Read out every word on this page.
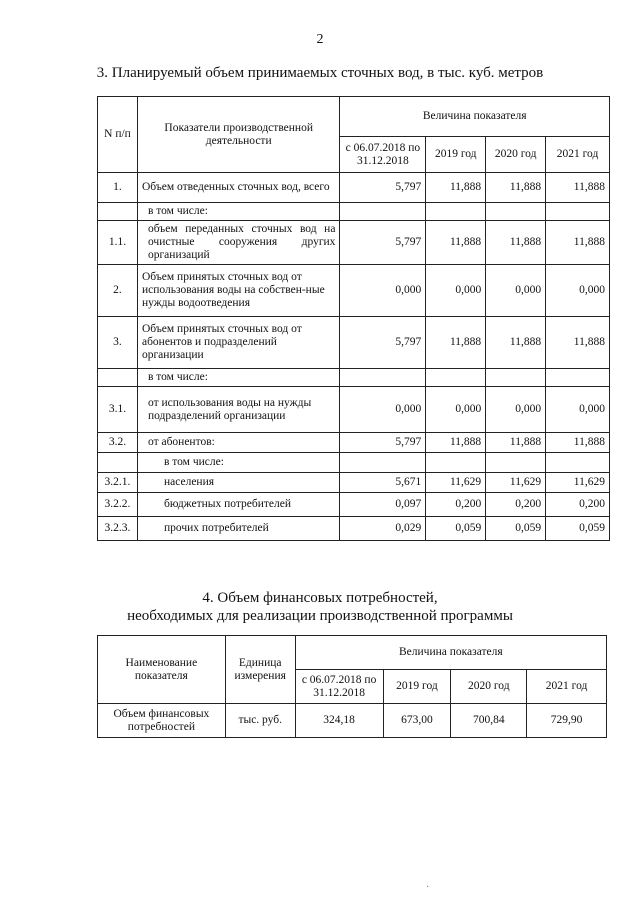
2
3. Планируемый объем принимаемых сточных вод, в тыс. куб. метров
N п/п	Показатели производственной деятельности	Величина показателя			
		с 06.07.2018 по 31.12.2018	2019 год	2020 год	2021 год
1.	Объем отведенных сточных вод, всего	5,797	11,888	11,888	11,888
	в том числе:				
1.1.	объем переданных сточных вод на очистные сооружения других организаций	5,797	11,888	11,888	11,888
2.	Объем принятых сточных вод от использования воды на собствен-ные нужды водоотведения	0,000	0,000	0,000	0,000
3.	Объем принятых сточных вод от абонентов и подразделений организации	5,797	11,888	11,888	11,888
	в том числе:				
3.1.	от использования воды на нужды подразделений организации	0,000	0,000	0,000	0,000
3.2.	от абонентов:	5,797	11,888	11,888	11,888
	в том числе:				
3.2.1.	населения	5,671	11,629	11,629	11,629
3.2.2.	бюджетных потребителей	0,097	0,200	0,200	0,200
3.2.3.	прочих потребителей	0,029	0,059	0,059	0,059
4. Объем финансовых потребностей,
необходимых для реализации производственной программы
Наименование показателя	Единица измерения	Величина показателя			
		с 06.07.2018 по 31.12.2018	2019 год	2020 год	2021 год
Объем финансовых потребностей	тыс. руб.	324,18	673,00	700,84	729,90
·
